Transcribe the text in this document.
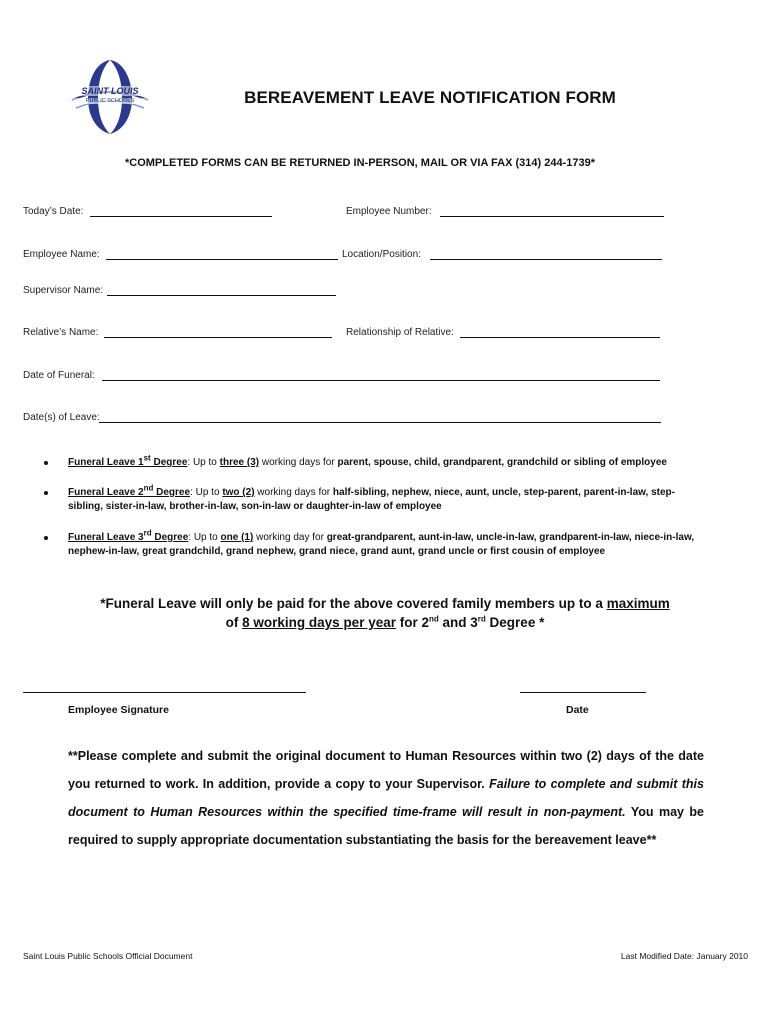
SAINT LOUIS
PUBLIC SCHOOLS	BEREAVEMENT LEAVE NOTIFICATION FORM
*COMPLETED FORMS CAN BE RETURNED IN-PERSON, MAIL OR VIA FAX (314) 244-1739*
Today’s Date:	Employee Number:
Employee Name:	Location/Position:
Supervisor Name:
Relative’s Name:	Relationship of Relative:
Date of Funeral:
Date(s) of Leave:
Funeral Leave 1st Degree: Up to three (3) working days for parent, spouse, child, grandparent, grandchild or sibling of employee
Funeral Leave 2nd Degree: Up to two (2) working days for half-sibling, nephew, niece, aunt, uncle, step-parent, parent-in-law, step-sibling, sister-in-law, brother-in-law, son-in-law or daughter-in-law of employee
Funeral Leave 3rd Degree: Up to one (1) working day for great-grandparent, aunt-in-law, uncle-in-law, grandparent-in-law, niece-in-law, nephew-in-law, great grandchild, grand nephew, grand niece, grand aunt, grand uncle or first cousin of employee
*Funeral Leave will only be paid for the above covered family members up to a maximum
of 8 working days per year for 2nd and 3rd Degree *
Employee Signature	Date
**Please complete and submit the original document to Human Resources within two (2) days of the date you returned to work. In addition, provide a copy to your Supervisor. Failure to complete and submit this document to Human Resources within the specified time-frame will result in non-payment. You may be required to supply appropriate documentation substantiating the basis for the bereavement leave**
Saint Louis Public Schools Official Document	Last Modified Date: January 2010
